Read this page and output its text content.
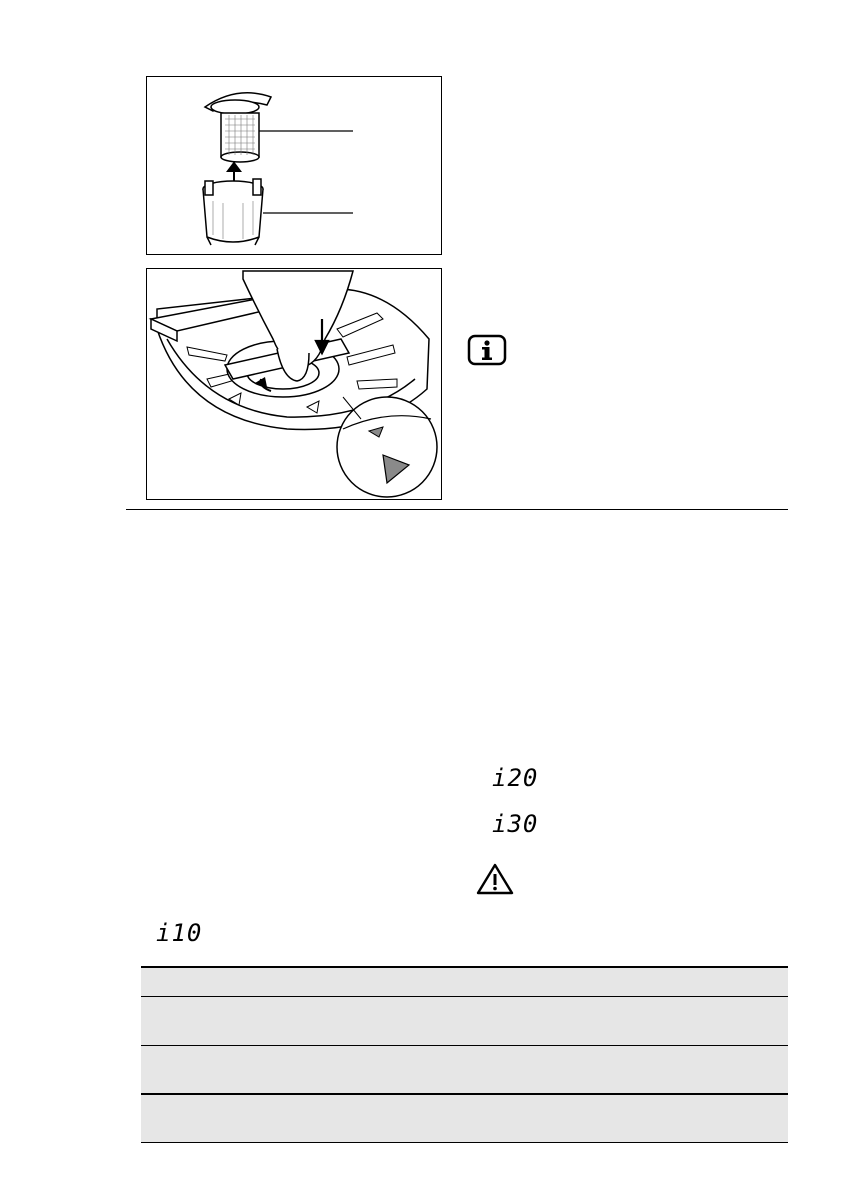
i20
i30
i10
